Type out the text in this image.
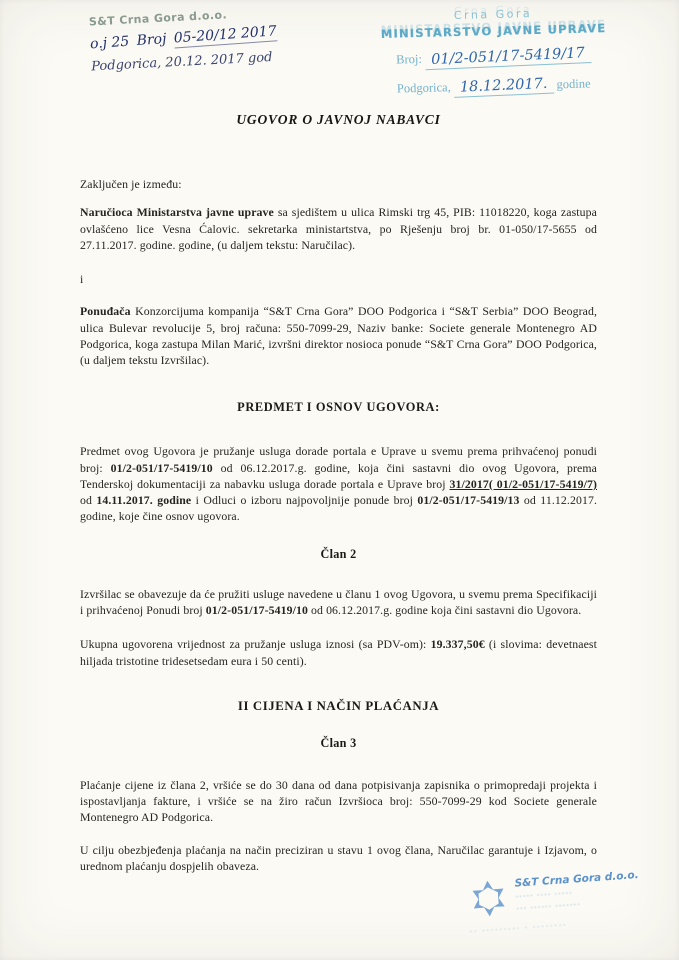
S&T Crna Gora d.o.o.
o.j 25 Broj 05-20/12 2017
Podgorica, 20.12. 2017 god
Crna Gora
MINISTARSTVO JAVNE UPRAVE
Broj: 01/2-051/17-5419/17
Podgorica, 18.12.2017. godine
UGOVOR O JAVNOJ NABAVCI

Zaključen je između:

Naručioca Ministarstva javne uprave sa sjedištem u ulica Rimski trg 45, PIB: 11018220, koga zastupa ovlašćeno lice Vesna Ćalovic. sekretarka ministartstva, po Rješenju broj br. 01-050/17-5655 od 27.11.2017. godine. godine, (u daljem tekstu: Naručilac).

i

Ponuđača Konzorcijuma kompanija “S&T Crna Gora” DOO Podgorica i “S&T Serbia” DOO Beograd, ulica Bulevar revolucije 5, broj računa: 550-7099-29, Naziv banke: Societe generale Montenegro AD Podgorica, koga zastupa Milan Marić, izvršni direktor nosioca ponude “S&T Crna Gora” DOO Podgorica, (u daljem tekstu Izvršilac).

PREDMET I OSNOV UGOVORA:

Predmet ovog Ugovora je pružanje usluga dorade portala e Uprave u svemu prema prihvaćenoj ponudi broj: 01/2-051/17-5419/10 od 06.12.2017.g. godine, koja čini sastavni dio ovog Ugovora, prema Tenderskoj dokumentaciji za nabavku usluga dorade portala e Uprave broj 31/2017( 01/2-051/17-5419/7) od 14.11.2017. godine i Odluci o izboru najpovoljnije ponude broj 01/2-051/17-5419/13 od 11.12.2017. godine, koje čine osnov ugovora.

Član 2

Izvršilac se obavezuje da će pružiti usluge navedene u članu 1 ovog Ugovora, u svemu prema Specifikaciji i prihvaćenoj Ponudi broj 01/2-051/17-5419/10 od 06.12.2017.g. godine koja čini sastavni dio Ugovora.

Ukupna ugovorena vrijednost za pružanje usluga iznosi (sa PDV-om): 19.337,50€ (i slovima: devetnaest hiljada tristotine tridesetsedam eura i 50 centi).

II CIJENA I NAČIN PLAĆANJA
Član 3

Plaćanje cijene iz člana 2, vršiće se do 30 dana od dana potpisivanja zapisnika o primopredaji projekta i ispostavljanja fakture, i vršiće se na žiro račun Izvršioca broj: 550-7099-29 kod Societe generale Montenegro AD Podgorica.

U cilju obezbjeđenja plaćanja na način preciziran u stavu 1 ovog člana, Naručilac garantuje i Izjavom, o urednom plaćanju dospjelih obaveza.

S&T Crna Gora d.o.o.
····· ···· ·····
··· ······ ·······
·· ········· · ········
